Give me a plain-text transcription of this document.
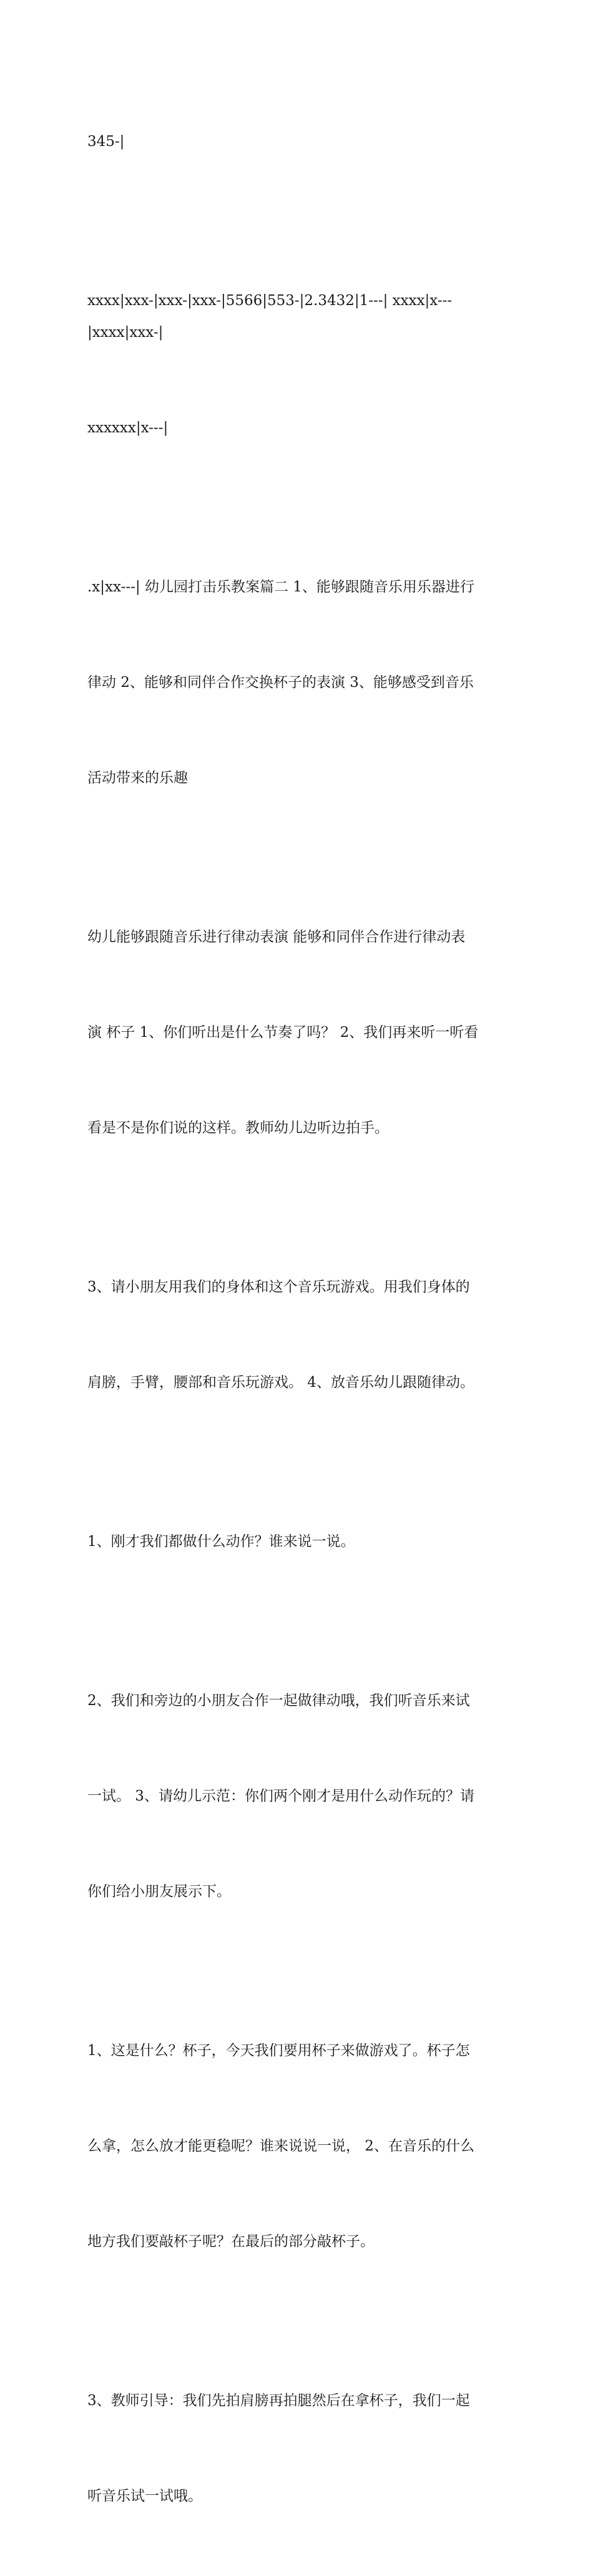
345-|

xxxx|xxx-|xxx-|xxx-|5566|553-|2.3432|1---| xxxx|x---|xxxx|xxx-|

xxxxxx|x---|

.x|xx---| 幼儿园打击乐教案篇二 1、能够跟随音乐用乐器进行

律动 2、能够和同伴合作交换杯子的表演 3、能够感受到音乐

活动带来的乐趣

幼儿能够跟随音乐进行律动表演 能够和同伴合作进行律动表

演 杯子 1、你们听出是什么节奏了吗？ 2、我们再来听一听看

看是不是你们说的这样。教师幼儿边听边拍手。

3、请小朋友用我们的身体和这个音乐玩游戏。用我们身体的

肩膀，手臂，腰部和音乐玩游戏。 4、放音乐幼儿跟随律动。

1、刚才我们都做什么动作？谁来说一说。

2、我们和旁边的小朋友合作一起做律动哦，我们听音乐来试

一试。 3、请幼儿示范：你们两个刚才是用什么动作玩的？请

你们给小朋友展示下。

1、这是什么？杯子，今天我们要用杯子来做游戏了。杯子怎

么拿，怎么放才能更稳呢？谁来说说一说， 2、在音乐的什么

地方我们要敲杯子呢？在最后的部分敲杯子。

3、教师引导：我们先拍肩膀再拍腿然后在拿杯子，我们一起

听音乐试一试哦。
